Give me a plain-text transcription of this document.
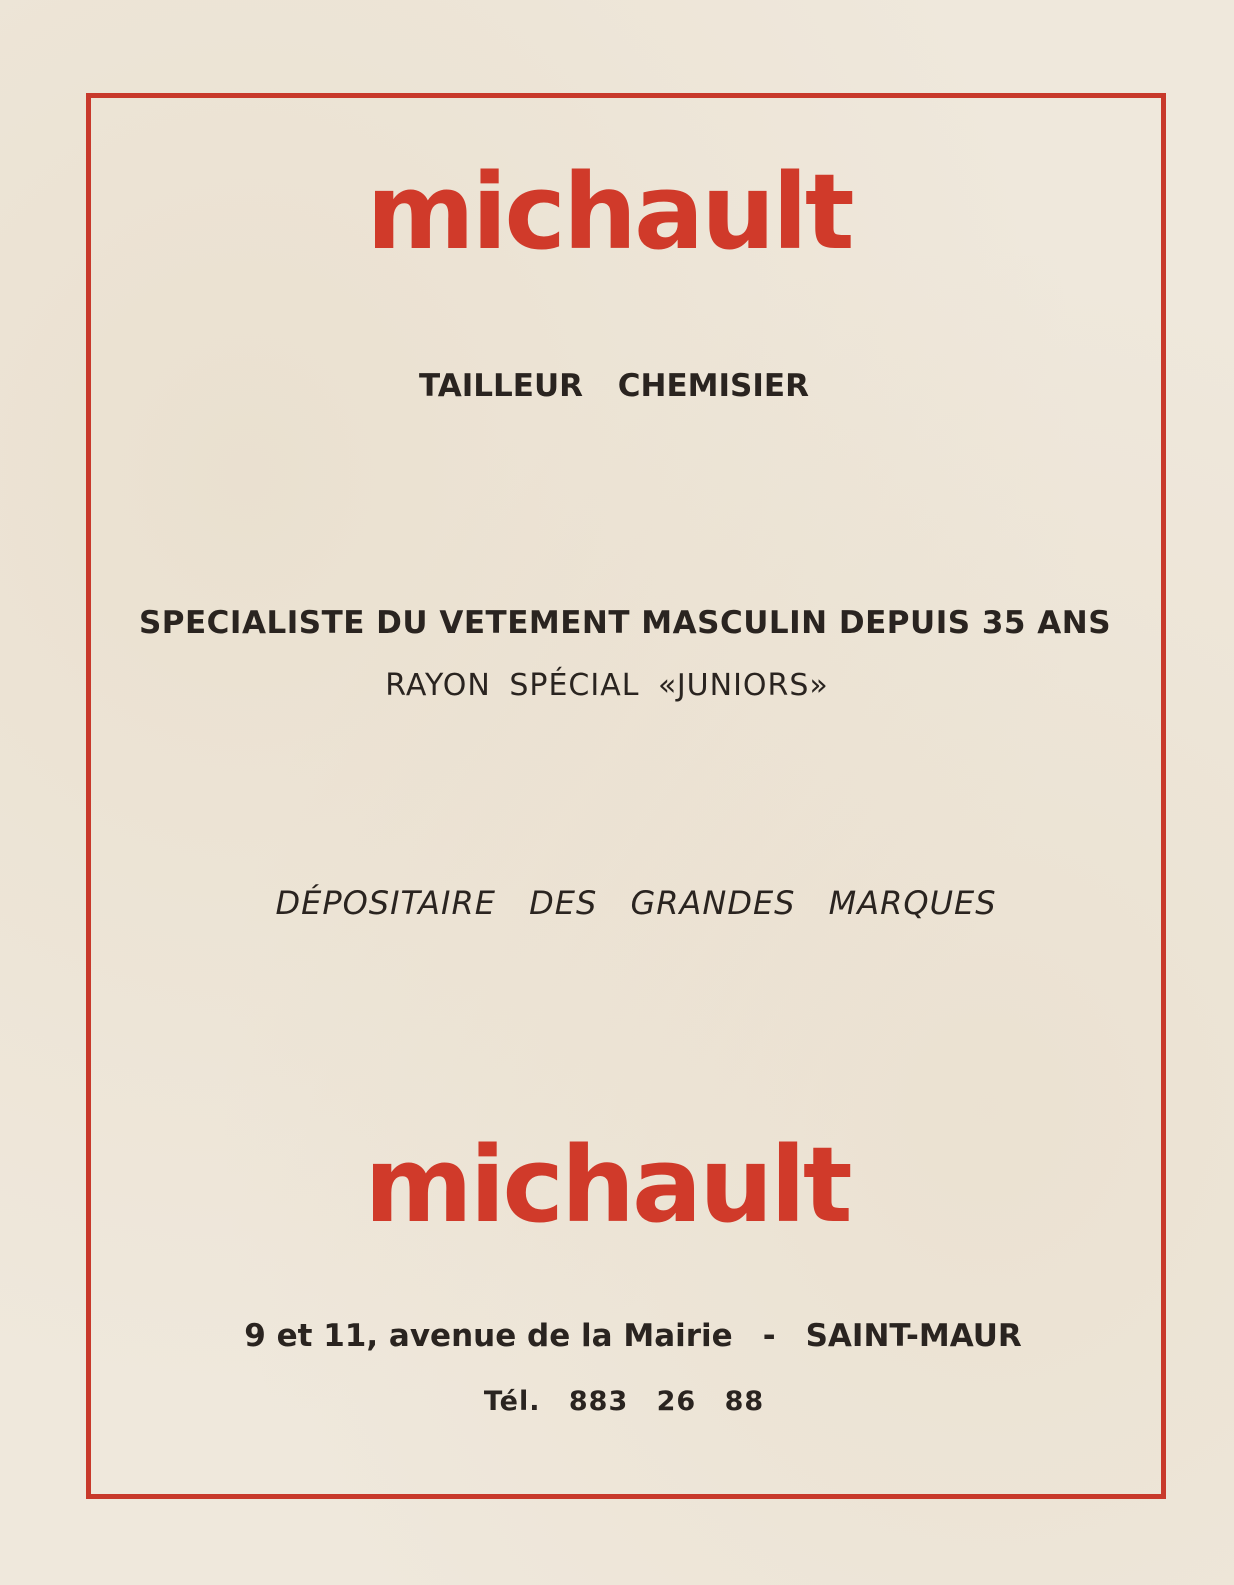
michault
TAILLEUR CHEMISIER
SPECIALISTE DU VETEMENT MASCULIN DEPUIS 35 ANS
RAYON SPÉCIAL «JUNIORS»
DÉPOSITAIRE DES GRANDES MARQUES
michault
9 et 11, avenue de la Mairie - SAINT-MAUR
Tél. 883 26 88
